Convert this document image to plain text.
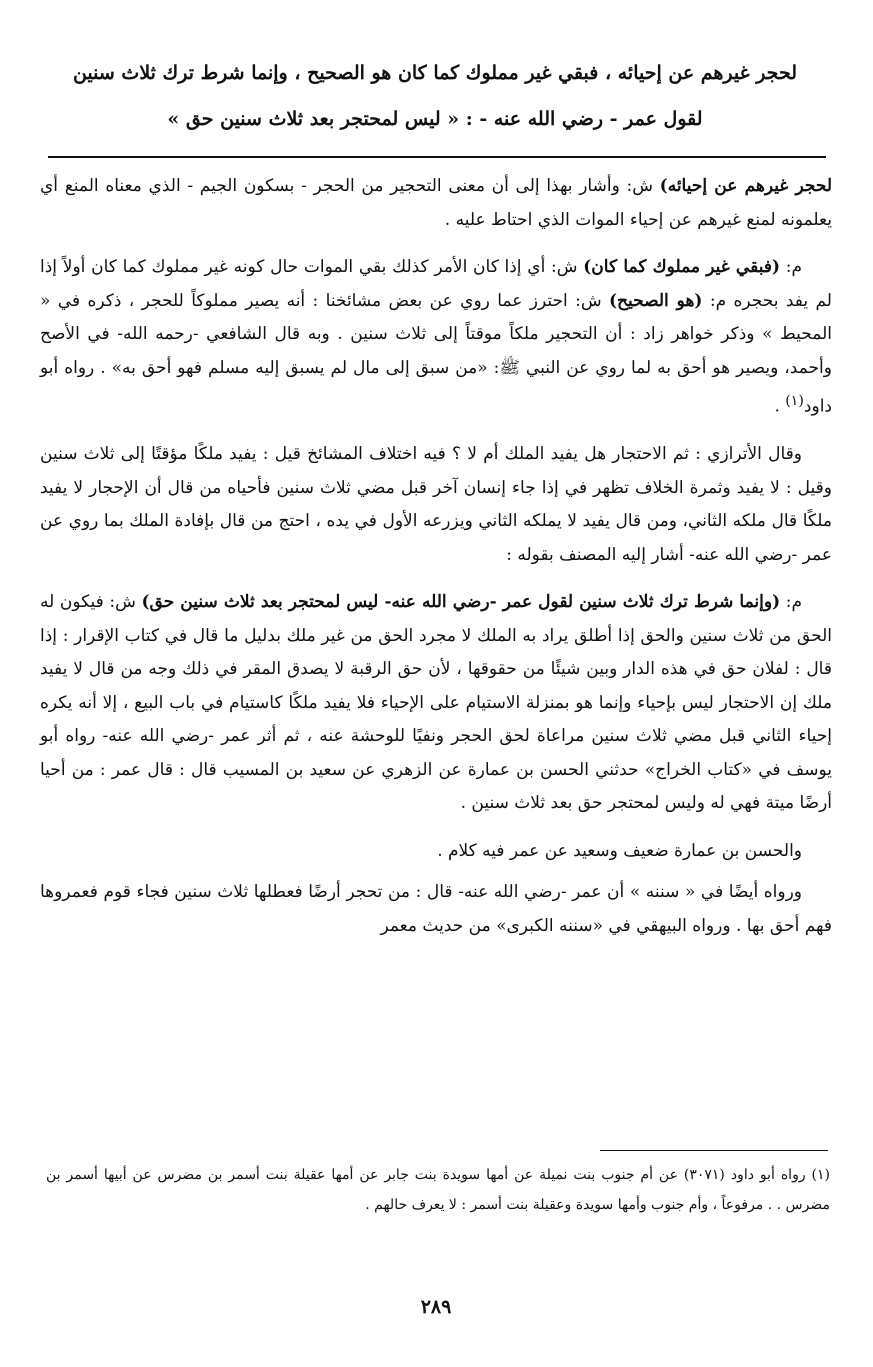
لحجر غيرهم عن إحيائه ، فبقي غير مملوك كما كان هو الصحيح ، وإنما شرط ترك ثلاث سنين

لقول عمر - رضي الله عنه - : « ليس لمحتجر بعد ثلاث سنين حق »

لحجر غيرهم عن إحيائه) ش: وأشار بهذا إلى أن معنى التحجير من الحجر - بسكون الجيم - الذي معناه المنع أي يعلمونه لمنع غيرهم عن إحياء الموات الذي احتاط عليه .

م: (فبقي غير مملوك كما كان) ش: أي إذا كان الأمر كذلك بقي الموات حال كونه غير مملوك كما كان أولاً إذا لم يفد بحجره م: (هو الصحيح) ش: احترز عما روي عن بعض مشائخنا : أنه يصير مملوكاً للحجر ، ذكره في « المحيط » وذكر خواهر زاد : أن التحجير ملكاً موقتاً إلى ثلاث سنين . وبه قال الشافعي -رحمه الله- في الأصح وأحمد، ويصير هو أحق به لما روي عن النبي ﷺ: «من سبق إلى مال لم يسبق إليه مسلم فهو أحق به» . رواه أبو داود$^{(١)}$ .

وقال الأترازي : ثم الاحتجار هل يفيد الملك أم لا ؟ فيه اختلاف المشائخ قيل : يفيد ملكًا مؤقتًا إلى ثلاث سنين وقيل : لا يفيد وثمرة الخلاف تظهر في إذا جاء إنسان آخر قبل مضي ثلاث سنين فأحياه من قال أن الإحجار لا يفيد ملكًا قال ملكه الثاني، ومن قال يفيد لا يملكه الثاني ويزرعه الأول في يده ، احتج من قال بإفادة الملك بما روي عن عمر -رضي الله عنه- أشار إليه المصنف بقوله :

م: (وإنما شرط ترك ثلاث سنين لقول عمر -رضي الله عنه- ليس لمحتجر بعد ثلاث سنين حق) ش: فيكون له الحق من ثلاث سنين والحق إذا أطلق يراد به الملك لا مجرد الحق من غير ملك بدليل ما قال في كتاب الإقرار : إذا قال : لفلان حق في هذه الدار وبين شيئًا من حقوقها ، لأن حق الرقبة لا يصدق المقر في ذلك وجه من قال لا يفيد ملك إن الاحتجار ليس بإحياء وإنما هو بمنزلة الاستيام على الإحياء فلا يفيد ملكًا كاستيام في باب البيع ، إلا أنه يكره إحياء الثاني قبل مضي ثلاث سنين مراعاة لحق الحجر ونفيًا للوحشة عنه ، ثم أثر عمر -رضي الله عنه- رواه أبو يوسف في «كتاب الخراج» حدثني الحسن بن عمارة عن الزهري عن سعيد بن المسيب قال : قال عمر : من أحيا أرضًا ميتة فهي له وليس لمحتجر حق بعد ثلاث سنين .

والحسن بن عمارة ضعيف وسعيد عن عمر فيه كلام .

ورواه أيضًا في « سننه » أن عمر -رضي الله عنه- قال : من تحجر أرضًا فعطلها ثلاث سنين فجاء قوم فعمروها فهم أحق بها . ورواه البيهقي في «سننه الكبرى» من حديث معمر

(١) رواه أبو داود (٣٠٧١) عن أم جنوب بنت نميلة عن أمها سويدة بنت جابر عن أمها عقيلة بنت أسمر بن مضرس عن أبيها أسمر بن مضرس . . مرفوعاً ، وأم جنوب وأمها سويدة وعقيلة بنت أسمر : لا يعرف حالهم .

٢٨٩
